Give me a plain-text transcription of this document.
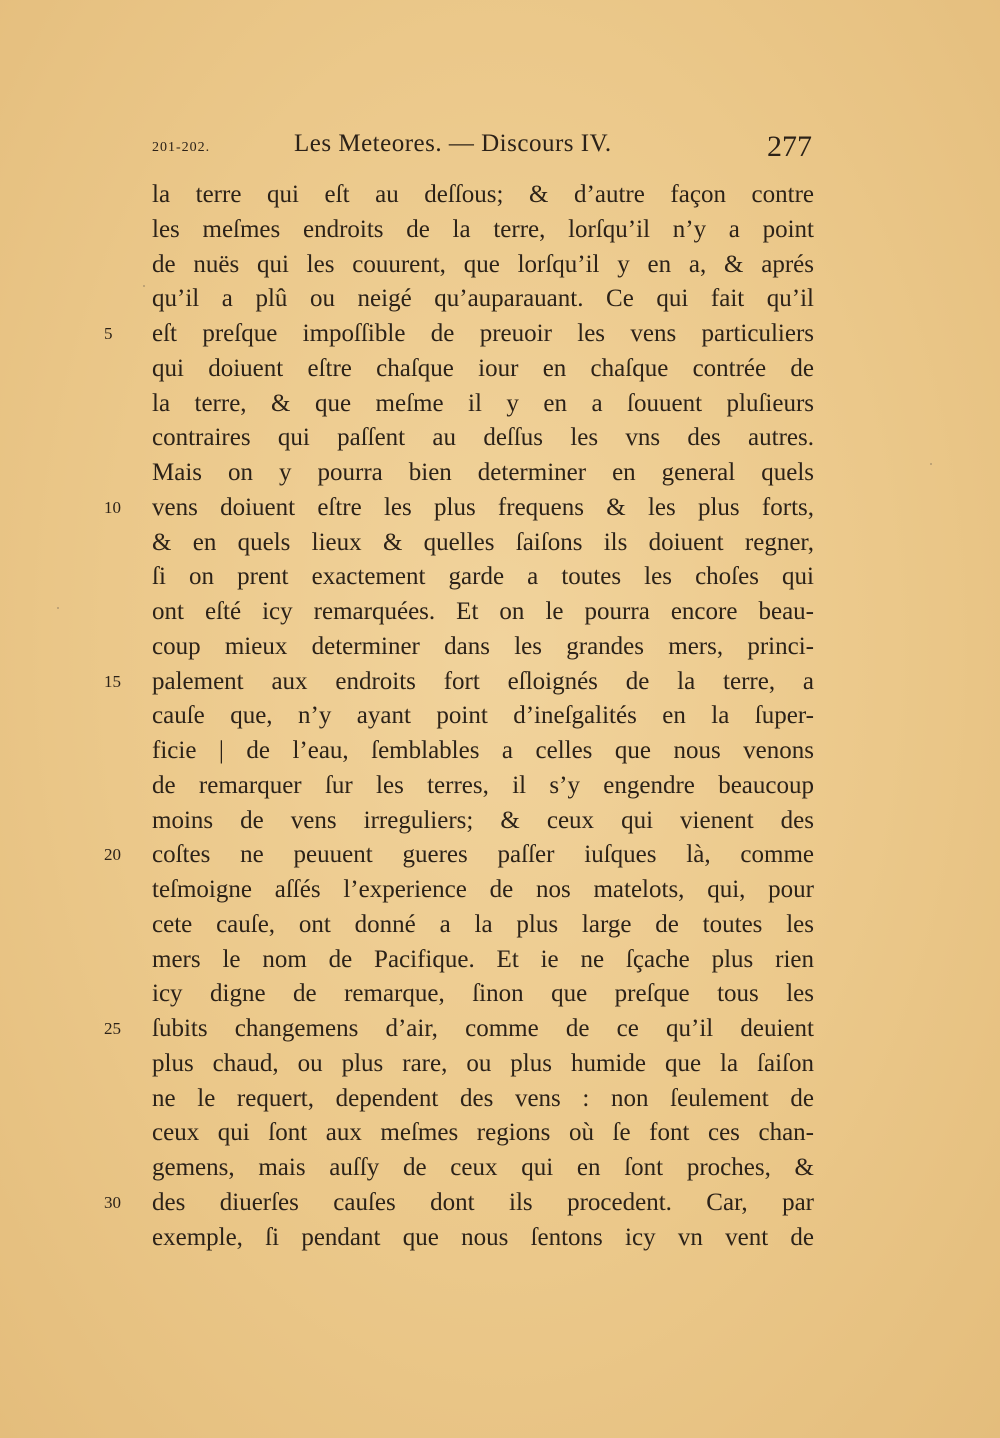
201-202.	Les Meteores. — Discours IV.	277
la terre qui eſt au deſſous; & d’autre façon contre
les meſmes endroits de la terre, lorſqu’il n’y a point
de nuës qui les couurent, que lorſqu’il y en a, & aprés
qu’il a plû ou neigé qu’auparauant. Ce qui fait qu’il
5	eſt preſque impoſſible de preuoir les vens particuliers
qui doiuent eſtre chaſque iour en chaſque contrée de
la terre, & que meſme il y en a ſouuent pluſieurs
contraires qui paſſent au deſſus les vns des autres.
Mais on y pourra bien determiner en general quels
10 vens doiuent eſtre les plus frequens & les plus forts,
& en quels lieux & quelles ſaiſons ils doiuent regner,
ſi on prent exactement garde a toutes les choſes qui
ont eſté icy remarquées. Et on le pourra encore beau-
coup mieux determiner dans les grandes mers, princi-
15 palement aux endroits fort eſloignés de la terre, a
cauſe que, n’y ayant point d’ineſgalités en la ſuper-
ficie | de l’eau, ſemblables a celles que nous venons
de remarquer ſur les terres, il s’y engendre beaucoup
moins de vens irreguliers; & ceux qui vienent des
20 coſtes ne peuuent gueres paſſer iuſques là, comme
teſmoigne aſſés l’experience de nos matelots, qui, pour
cete cauſe, ont donné a la plus large de toutes les
mers le nom de Pacifique. Et ie ne ſçache plus rien
icy digne de remarque, ſinon que preſque tous les
25 ſubits changemens d’air, comme de ce qu’il deuient
plus chaud, ou plus rare, ou plus humide que la ſaiſon
ne le requert, dependent des vens : non ſeulement de
ceux qui ſont aux meſmes regions où ſe font ces chan-
gemens, mais auſſy de ceux qui en ſont proches, &
30 des diuerſes cauſes dont ils procedent. Car, par
exemple, ſi pendant que nous ſentons icy vn vent de
